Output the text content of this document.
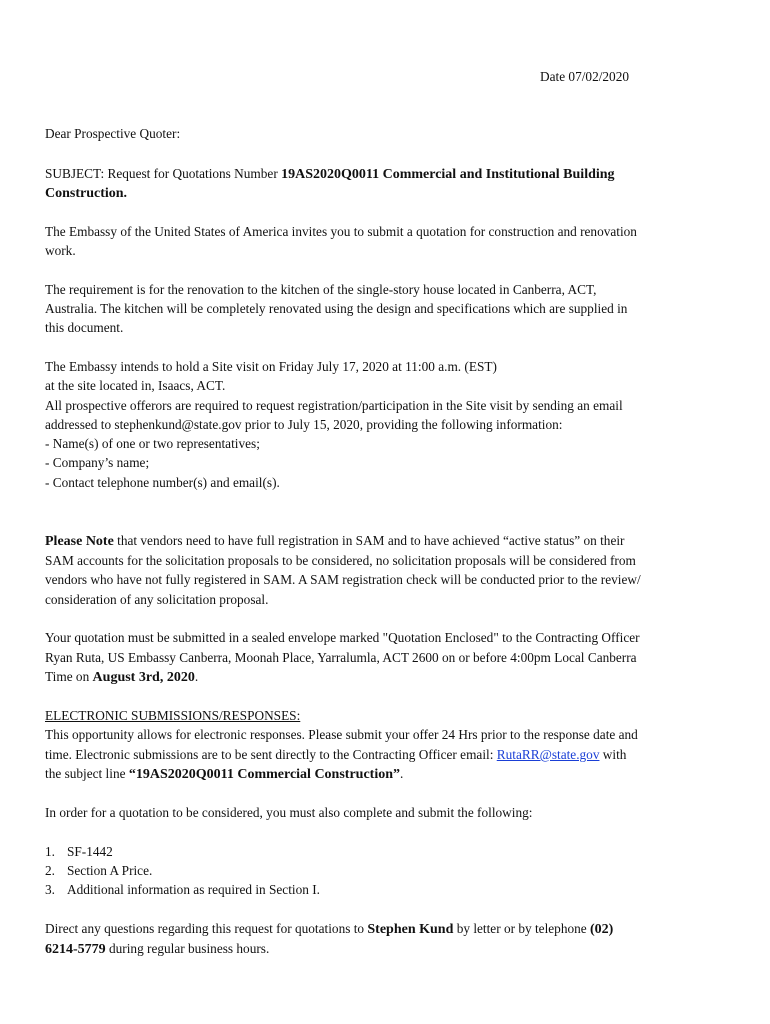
Date 07/02/2020
Dear Prospective Quoter:
SUBJECT: Request for Quotations Number 19AS2020Q0011 Commercial and Institutional Building
Construction.
The Embassy of the United States of America invites you to submit a quotation for construction and renovation
work.
The requirement is for the renovation to the kitchen of the single-story house located in Canberra, ACT,
Australia. The kitchen will be completely renovated using the design and specifications which are supplied in
this document.
The Embassy intends to hold a Site visit on Friday July 17, 2020 at 11:00 a.m. (EST)
at the site located in, Isaacs, ACT.
All prospective offerors are required to request registration/participation in the Site visit by sending an email
addressed to stephenkund@state.gov prior to July 15, 2020, providing the following information:
- Name(s) of one or two representatives;
- Company’s name;
- Contact telephone number(s) and email(s).
Please Note that vendors need to have full registration in SAM and to have achieved “active status” on their
SAM accounts for the solicitation proposals to be considered, no solicitation proposals will be considered from
vendors who have not fully registered in SAM. A SAM registration check will be conducted prior to the review/
consideration of any solicitation proposal.
Your quotation must be submitted in a sealed envelope marked "Quotation Enclosed" to the Contracting Officer
Ryan Ruta, US Embassy Canberra, Moonah Place, Yarralumla, ACT 2600 on or before 4:00pm Local Canberra
Time on August 3rd, 2020.
ELECTRONIC SUBMISSIONS/RESPONSES:
This opportunity allows for electronic responses. Please submit your offer 24 Hrs prior to the response date and
time. Electronic submissions are to be sent directly to the Contracting Officer email: RutaRR@state.gov with
the subject line “19AS2020Q0011 Commercial Construction”.
In order for a quotation to be considered, you must also complete and submit the following:
1. SF-1442
2. Section A Price.
3. Additional information as required in Section I.
Direct any questions regarding this request for quotations to Stephen Kund by letter or by telephone (02)
6214-5779 during regular business hours.
